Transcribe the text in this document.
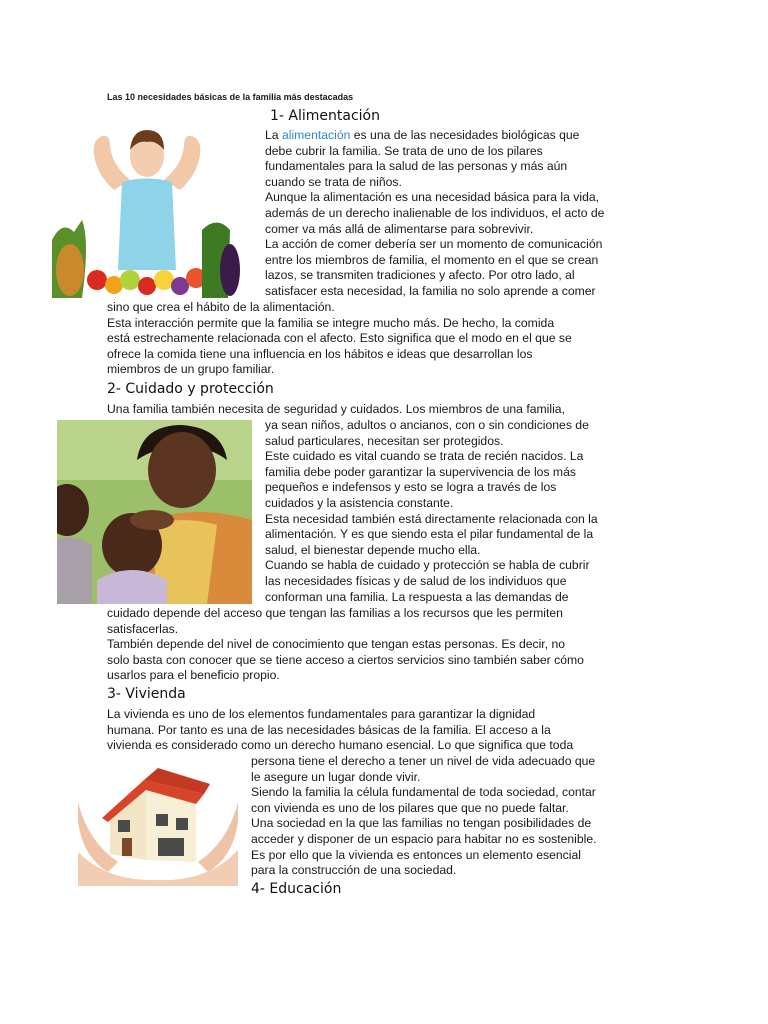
Las 10 necesidades básicas de la familia más destacadas
1- Alimentación
La alimentación es una de las necesidades biológicas que
debe cubrir la familia. Se trata de uno de los pilares
fundamentales para la salud de las personas y más aún
cuando se trata de niños.
Aunque la alimentación es una necesidad básica para la vida,
además de un derecho inalienable de los individuos, el acto de
comer va más allá de alimentarse para sobrevivir.
La acción de comer debería ser un momento de comunicación
entre los miembros de familia, el momento en el que se crean
lazos, se transmiten tradiciones y afecto. Por otro lado, al
satisfacer esta necesidad, la familia no solo aprende a comer
sino que crea el hábito de la alimentación.
Esta interacción permite que la familia se integre mucho más. De hecho, la comida
está estrechamente relacionada con el afecto. Esto significa que el modo en el que se
ofrece la comida tiene una influencia en los hábitos e ideas que desarrollan los
miembros de un grupo familiar.
2- Cuidado y protección
Una familia también necesita de seguridad y cuidados. Los miembros de una familia,
ya sean niños, adultos o ancianos, con o sin condiciones de
salud particulares, necesitan ser protegidos.
Este cuidado es vital cuando se trata de recién nacidos. La
familia debe poder garantizar la supervivencia de los más
pequeños e indefensos y esto se logra a través de los
cuidados y la asistencia constante.
Esta necesidad también está directamente relacionada con la
alimentación. Y es que siendo esta el pilar fundamental de la
salud, el bienestar depende mucho ella.
Cuando se habla de cuidado y protección se habla de cubrir
las necesidades físicas y de salud de los individuos que
conforman una familia. La respuesta a las demandas de
cuidado depende del acceso que tengan las familias a los recursos que les permiten
satisfacerlas.
También depende del nivel de conocimiento que tengan estas personas. Es decir, no
solo basta con conocer que se tiene acceso a ciertos servicios sino también saber cómo
usarlos para el beneficio propio.
3- Vivienda
La vivienda es uno de los elementos fundamentales para garantizar la dignidad
humana. Por tanto es una de las necesidades básicas de la familia. El acceso a la
vivienda es considerado como un derecho humano esencial. Lo que significa que toda
persona tiene el derecho a tener un nivel de vida adecuado que
le asegure un lugar donde vivir.
Siendo la familia la célula fundamental de toda sociedad, contar
con vivienda es uno de los pilares que que no puede faltar.
Una sociedad en la que las familias no tengan posibilidades de
acceder y disponer de un espacio para habitar no es sostenible.
Es por ello que la vivienda es entonces un elemento esencial
para la construcción de una sociedad.
4- Educación
